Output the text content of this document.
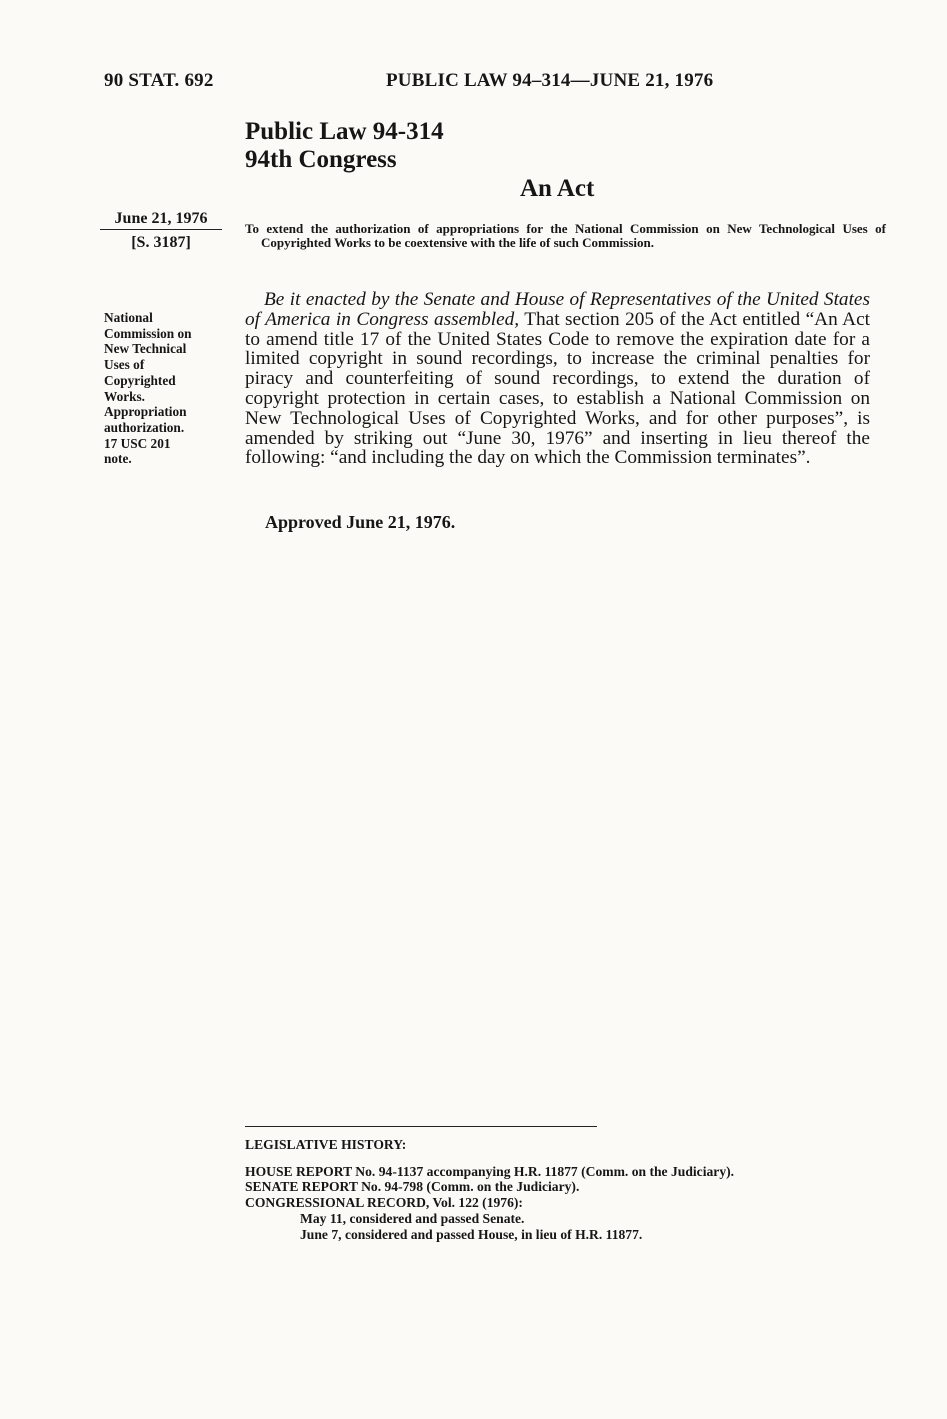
90 STAT. 692	PUBLIC LAW 94–314—JUNE 21, 1976
Public Law 94-314
94th Congress
An Act
June 21, 1976
[S. 3187]
To extend the authorization of appropriations for the National Commission on New Technological Uses of Copyrighted Works to be coextensive with the life of such Commission.
National
Commission on
New Technical
Uses of
Copyrighted
Works.
Appropriation
authorization.
17 USC 201
note.
Be it enacted by the Senate and House of Representatives of the United States of America in Congress assembled, That section 205 of the Act entitled “An Act to amend title 17 of the United States Code to remove the expiration date for a limited copyright in sound recordings, to increase the criminal penalties for piracy and counterfeiting of sound recordings, to extend the duration of copyright protection in certain cases, to establish a National Commission on New Technological Uses of Copyrighted Works, and for other purposes”, is amended by striking out “June 30, 1976” and inserting in lieu thereof the following: “and including the day on which the Commission terminates”.
Approved June 21, 1976.
LEGISLATIVE HISTORY:
HOUSE REPORT No. 94-1137 accompanying H.R. 11877 (Comm. on the Judiciary).
SENATE REPORT No. 94-798 (Comm. on the Judiciary).
CONGRESSIONAL RECORD, Vol. 122 (1976):
May 11, considered and passed Senate.
June 7, considered and passed House, in lieu of H.R. 11877.
